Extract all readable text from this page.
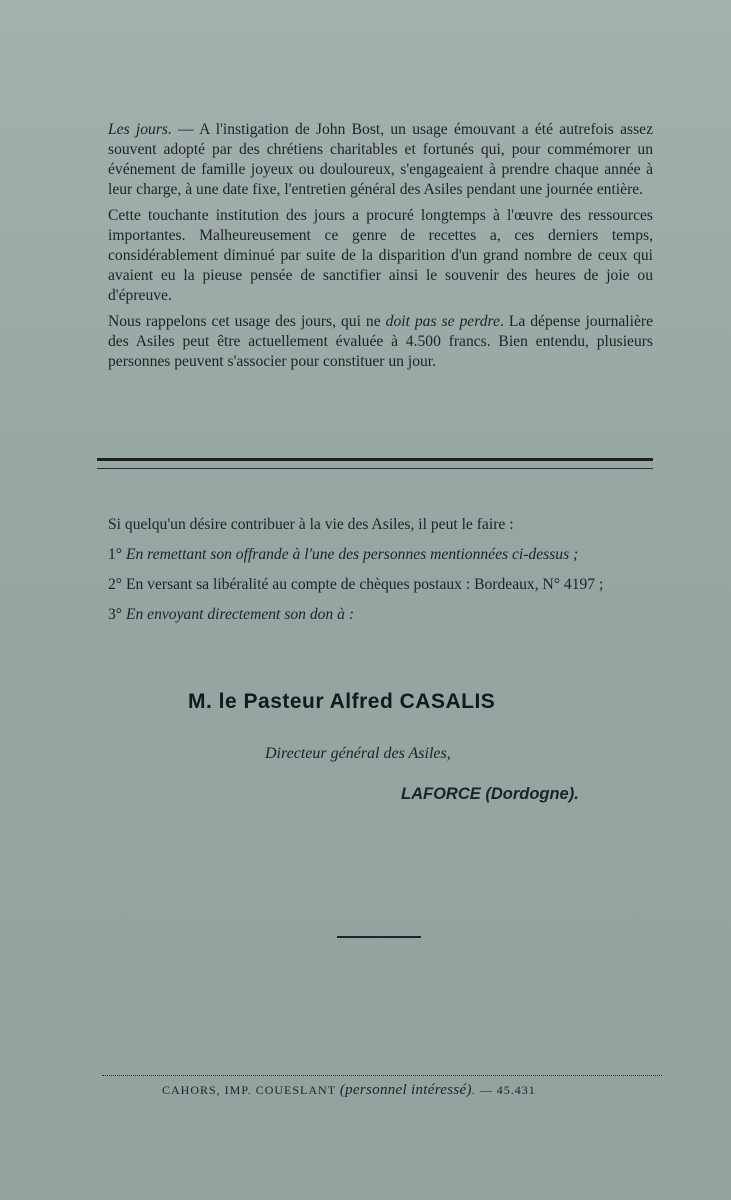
Les jours. — A l'instigation de John Bost, un usage émouvant a été autrefois assez souvent adopté par des chrétiens charitables et fortunés qui, pour commémorer un événement de famille joyeux ou douloureux, s'engageaient à prendre chaque année à leur charge, à une date fixe, l'entretien général des Asiles pendant une journée entière.

Cette touchante institution des jours a procuré longtemps à l'œuvre des ressources importantes. Malheureusement ce genre de recettes a, ces derniers temps, considérablement diminué par suite de la disparition d'un grand nombre de ceux qui avaient eu la pieuse pensée de sanctifier ainsi le souvenir des heures de joie ou d'épreuve.

Nous rappelons cet usage des jours, qui ne doit pas se perdre. La dépense journalière des Asiles peut être actuellement évaluée à 4.500 francs. Bien entendu, plusieurs personnes peuvent s'associer pour constituer un jour.

Si quelqu'un désire contribuer à la vie des Asiles, il peut le faire :

1° En remettant son offrande à l'une des personnes mentionnées ci-dessus ;

2° En versant sa libéralité au compte de chèques postaux : Bordeaux, N° 4197 ;

3° En envoyant directement son don à :

M. le Pasteur Alfred CASALIS
Directeur général des Asiles,
LAFORCE (Dordogne).
CAHORS, IMP. COUESLANT (personnel intéressé). — 45.431
